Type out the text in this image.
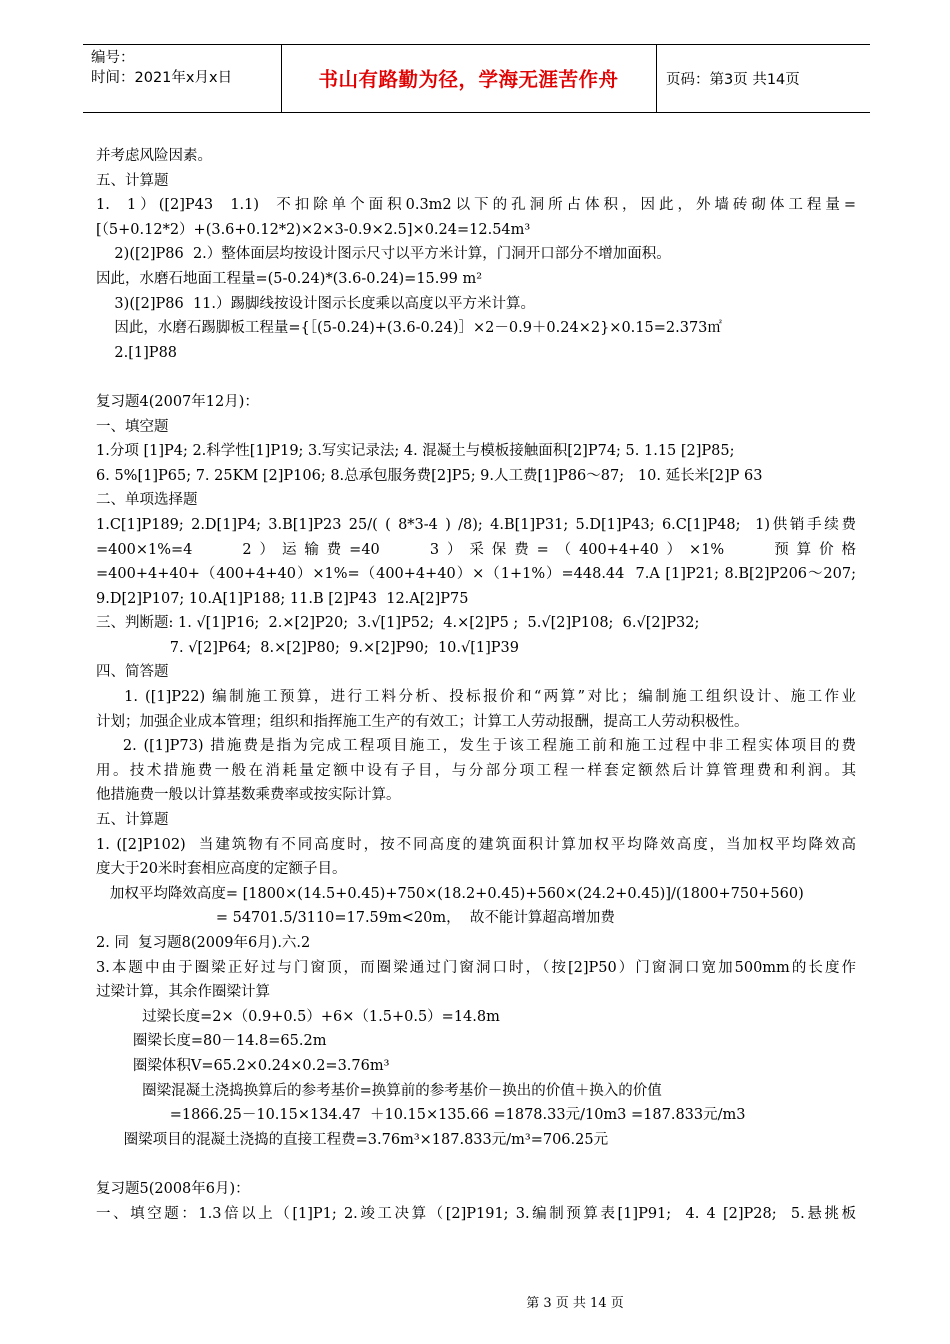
编号：
时间：2021年x月x日	书山有路勤为径，学海无涯苦作舟	页码：第3页 共14页
并考虑风险因素。
五、计算题
1.  1）([2]P43  1.1)  不扣除单个面积0.3m2以下的孔洞所占体积，因此，外墙砖砌体工程量=
[（5+0.12*2）+(3.6+0.12*2)×2×3-0.9×2.5]×0.24=12.54m³
2)([2]P86  2.）整体面层均按设计图示尺寸以平方米计算，门洞开口部分不增加面积。
因此，水磨石地面工程量=(5-0.24)*(3.6-0.24)=15.99 m²
3)([2]P86  11.）踢脚线按设计图示长度乘以高度以平方米计算。
因此，水磨石踢脚板工程量={［(5-0.24)+(3.6-0.24)］×2－0.9＋0.24×2}×0.15=2.373㎡
2.[1]P88
复习题4(2007年12月)：
一、填空题
1.分项 [1]P4; 2.科学性[1]P19; 3.写实记录法; 4. 混凝土与模板接触面积[2]P74; 5. 1.15 [2]P85;
6. 5%[1]P65; 7. 25KM [2]P106; 8.总承包服务费[2]P5; 9.人工费[1]P86～87;   10. 延长米[2]P 63
二、单项选择题
1.C[1]P189; 2.D[1]P4; 3.B[1]P23 25/( ( 8*3-4 ) /8); 4.B[1]P31; 5.D[1]P43; 6.C[1]P48;  1)供销手续费
=400×1%=4    2）运输费=40    3）采保费=（400+4+40）×1%    预算价格
=400+4+40+（400+4+40）×1%=（400+4+40）×（1+1%）=448.44  7.A [1]P21; 8.B[2]P206～207;
9.D[2]P107; 10.A[1]P188; 11.B [2]P43  12.A[2]P75
三、判断题: 1. √[1]P16;  2.×[2]P20;  3.√[1]P52;  4.×[2]P5 ;  5.√[2]P108;  6.√[2]P32;
7. √[2]P64;  8.×[2]P80;  9.×[2]P90;  10.√[1]P39
四、简答题
1. ([1]P22) 编制施工预算，进行工料分析、投标报价和“两算”对比；编制施工组织设计、施工作业
计划；加强企业成本管理；组织和指挥施工生产的有效工；计算工人劳动报酬，提高工人劳动积极性。
2. ([1]P73) 措施费是指为完成工程项目施工，发生于该工程施工前和施工过程中非工程实体项目的费
用。技术措施费一般在消耗量定额中设有子目，与分部分项工程一样套定额然后计算管理费和利润。其
他措施费一般以计算基数乘费率或按实际计算。
五、计算题
1. ([2]P102)  当建筑物有不同高度时，按不同高度的建筑面积计算加权平均降效高度，当加权平均降效高
度大于20米时套相应高度的定额子目。
加权平均降效高度= [1800×(14.5+0.45)+750×(18.2+0.45)+560×(24.2+0.45)]/(1800+750+560)
= 54701.5/3110=17.59m<20m，  故不能计算超高增加费
2. 同  复习题8(2009年6月).六.2
3.本题中由于圈梁正好过与门窗顶，而圈梁通过门窗洞口时，（按[2]P50）门窗洞口宽加500mm的长度作
过梁计算，其余作圈梁计算
过梁长度=2×（0.9+0.5）+6×（1.5+0.5）=14.8m
圈梁长度=80－14.8=65.2m
圈梁体积V=65.2×0.24×0.2=3.76m³
圈梁混凝土浇捣换算后的参考基价=换算前的参考基价－换出的价值＋换入的价值
=1866.25－10.15×134.47  ＋10.15×135.66 =1878.33元/10m3 =187.833元/m3
圈梁项目的混凝土浇捣的直接工程费=3.76m³×187.833元/m³=706.25元
复习题5(2008年6月)：
一、填空题：1.3倍以上（[1]P1; 2.竣工决算（[2]P191; 3.编制预算表[1]P91;  4. 4 [2]P28;  5.悬挑板
第 3 页 共 14 页
